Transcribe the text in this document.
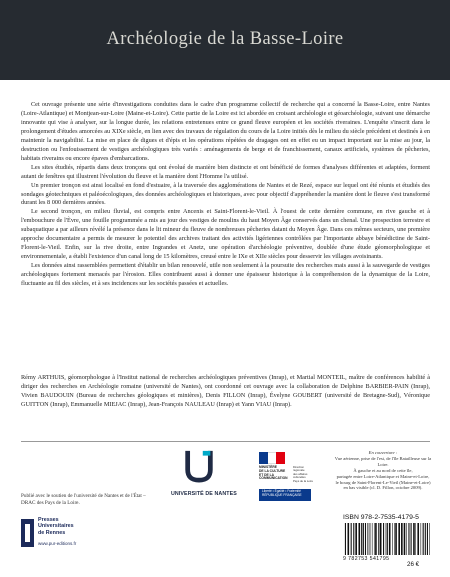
Archéologie de la Basse-Loire

Cet ouvrage présente une série d'investigations conduites dans le cadre d'un programme collectif de recherche qui a concerné la Basse-Loire, entre Nantes (Loire-Atlantique) et Montjean-sur-Loire (Maine-et-Loire). Cette partie de la Loire est ici abordée en croisant archéologie et géoarchéologie, suivant une démarche innovante qui vise à analyser, sur la longue durée, les relations entretenues entre ce grand fleuve européen et les sociétés riveraines. L'enquête s'inscrit dans le prolongement d'études amorcées au XIXe siècle, en lien avec des travaux de régulation du cours de la Loire initiés dès le milieu du siècle précédent et destinés à en maintenir la navigabilité. La mise en place de digues et d'épis et les opérations répétées de dragages ont en effet eu un impact important sur la mise au jour, la destruction ou l'enfouissement de vestiges archéologiques très variés : aménagements de berge et de franchissement, canaux artificiels, systèmes de pêcheries, habitats riverains ou encore épaves d'embarcations.

Les sites étudiés, répartis dans deux tronçons qui ont évolué de manière bien distincte et ont bénéficié de formes d'analyses différentes et adaptées, forment autant de fenêtres qui illustrent l'évolution du fleuve et la manière dont l'Homme l'a utilisé.

Un premier tronçon est ainsi localisé en fond d'estuaire, à la traversée des agglomérations de Nantes et de Rezé, espace sur lequel ont été réunis et étudiés des sondages géotechniques et paléoécologiques, des données archéologiques et historiques, avec pour objectif d'appréhender la manière dont le fleuve s'est transformé durant les 8 000 dernières années.

Le second tronçon, en milieu fluvial, est compris entre Ancenis et Saint-Florent-le-Vieil. À l'ouest de cette dernière commune, en rive gauche et à l'embouchure de l'Èvre, une fouille programmée a mis au jour des vestiges de moulins du haut Moyen Âge conservés dans un chenal. Une prospection terrestre et subaquatique a par ailleurs révélé la présence dans le lit mineur du fleuve de nombreuses pêcheries datant du Moyen Âge. Dans ces mêmes secteurs, une première approche documentaire a permis de mesurer le potentiel des archives traitant des activités ligériennes contrôlées par l'importante abbaye bénédictine de Saint-Florent-le-Vieil. Enfin, sur la rive droite, entre Ingrandes et Anetz, une opération d'archéologie préventive, doublée d'une étude géomorphologique et environnementale, a établi l'existence d'un canal long de 15 kilomètres, creusé entre le IXe et XIIe siècles pour desservir les villages avoisinants.

Les données ainsi rassemblées permettent d'établir un bilan renouvelé, utile non seulement à la poursuite des recherches mais aussi à la sauvegarde de vestiges archéologiques fortement menacés par l'érosion. Elles contribuent aussi à donner une épaisseur historique à la compréhension de la dynamique de la Loire, fluctuante au fil des siècles, et à ses incidences sur les sociétés passées et actuelles.

Rémy ARTHUIS, géomorphologue à l'Institut national de recherches archéologiques préventives (Inrap), et Martial MONTEIL, maître de conférences habilité à diriger des recherches en Archéologie romaine (université de Nantes), ont coordonné cet ouvrage avec la collaboration de Delphine BARBIER-PAIN (Inrap), Vivien BAUDOUIN (Bureau de recherches géologiques et minières), Denis FILLON (Inrap), Évelyne GOUBERT (université de Bretagne-Sud), Véronique GUITTON (Inrap), Emmanuelle MIEJAC (Inrap), Jean-François NAULEAU (Inrap) et Yann VIAU (Inrap).

Publié avec le soutien de l'université de Nantes et de l'État – DRAC des Pays de la Loire.
UNIVERSITÉ DE NANTES
MINISTÈRE
DE LA CULTURE
ET DE LA
COMMUNICATION
Direction
régionale
des affaires
culturelles
Pays de la Loire
Liberté • Égalité • Fraternité
RÉPUBLIQUE FRANÇAISE
En couverture :
Vue aérienne, prise de l'est, de l'île Batailleuse sur la Loire.
À gauche et au nord de cette île,
partagée entre Loire-Atlantique et Maine-et-Loire,
le bourg de Saint-Florent-Le-Vieil (Maine-et-Loire)
en bas visible (cl. D. Fillon, octobre 2009).
Presses
Universitaires
de Rennes
www.pur-editions.fr
ISBN 978-2-7535-4179-5
9 782753 541795
26 €
